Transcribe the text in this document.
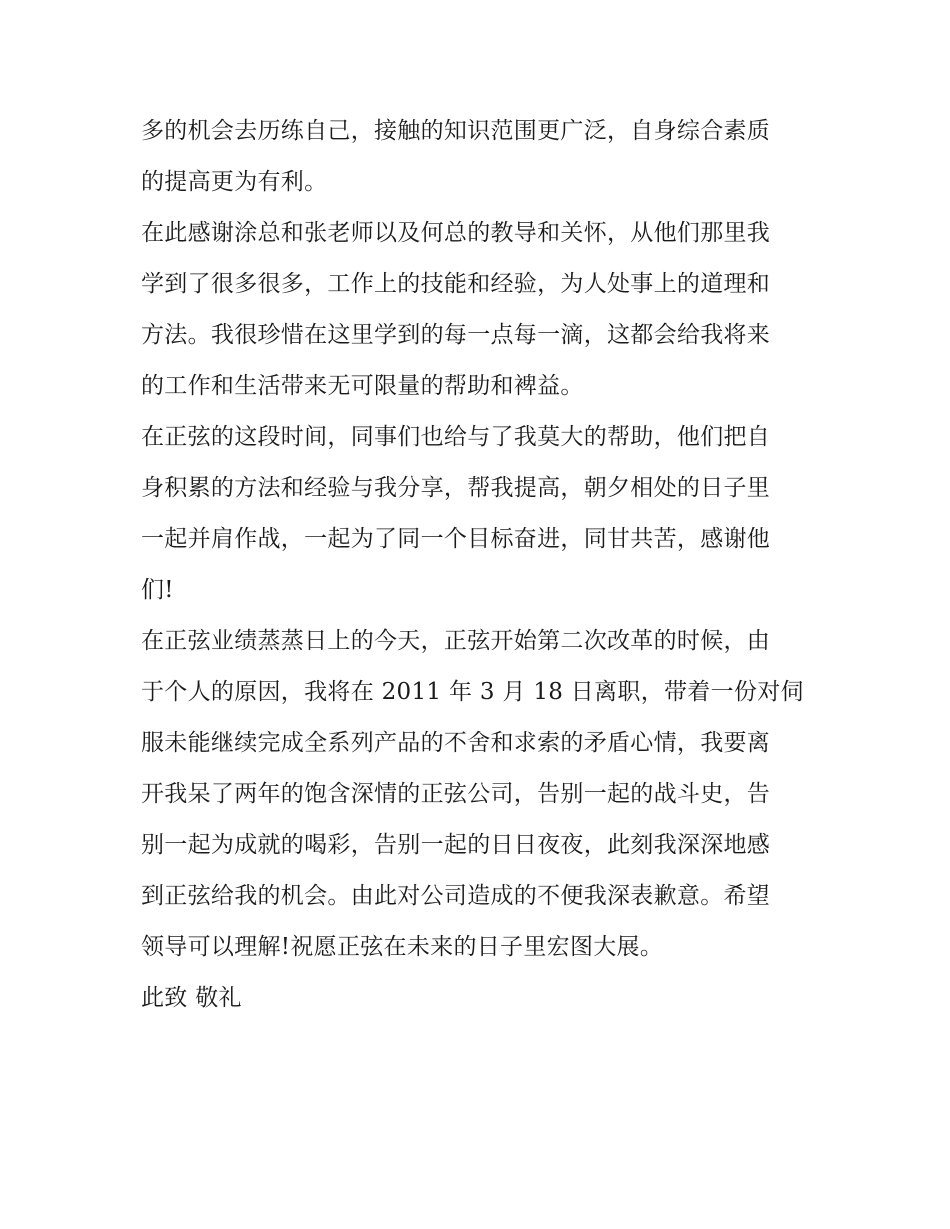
多的机会去历练自己，接触的知识范围更广泛，自身综合素质
的提高更为有利。
在此感谢涂总和张老师以及何总的教导和关怀，从他们那里我
学到了很多很多，工作上的技能和经验，为人处事上的道理和
方法。我很珍惜在这里学到的每一点每一滴，这都会给我将来
的工作和生活带来无可限量的帮助和裨益。
在正弦的这段时间，同事们也给与了我莫大的帮助，他们把自
身积累的方法和经验与我分享，帮我提高，朝夕相处的日子里
一起并肩作战，一起为了同一个目标奋进，同甘共苦，感谢他
们!
在正弦业绩蒸蒸日上的今天，正弦开始第二次改革的时候，由
于个人的原因，我将在 2011 年 3 月 18 日离职，带着一份对伺
服未能继续完成全系列产品的不舍和求索的矛盾心情，我要离
开我呆了两年的饱含深情的正弦公司，告别一起的战斗史，告
别一起为成就的喝彩，告别一起的日日夜夜，此刻我深深地感
到正弦给我的机会。由此对公司造成的不便我深表歉意。希望
领导可以理解!祝愿正弦在未来的日子里宏图大展。
此致 敬礼
